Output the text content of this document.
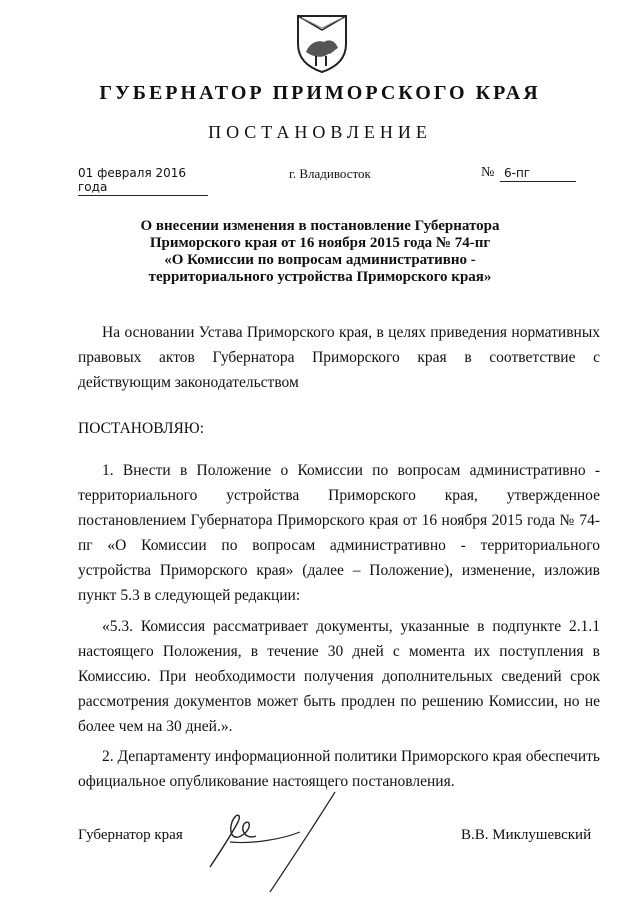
ГУБЕРНАТОР ПРИМОРСКОГО КРАЯ
ПОСТАНОВЛЕНИЕ
01 февраля 2016 года
г. Владивосток	№ 6-пг
О внесении изменения в постановление Губернатора
Приморского края от 16 ноября 2015 года № 74-пг
«О Комиссии по вопросам административно -
территориального устройства Приморского края»
На основании Устава Приморского края, в целях приведения нормативных правовых актов Губернатора Приморского края в соответствие с действующим законодательством
ПОСТАНОВЛЯЮ:
1. Внести в Положение о Комиссии по вопросам административно - территориального устройства Приморского края, утвержденное постановлением Губернатора Приморского края от 16 ноября 2015 года № 74-пг «О Комиссии по вопросам административно - территориального устройства Приморского края» (далее – Положение), изменение, изложив пункт 5.3 в следующей редакции:
«5.3. Комиссия рассматривает документы, указанные в подпункте 2.1.1 настоящего Положения, в течение 30 дней с момента их поступления в Комиссию. При необходимости получения дополнительных сведений срок рассмотрения документов может быть продлен по решению Комиссии, но не более чем на 30 дней.».
2. Департаменту информационной политики Приморского края обеспечить официальное опубликование настоящего постановления.
Губернатор края	В.В. Миклушевский
